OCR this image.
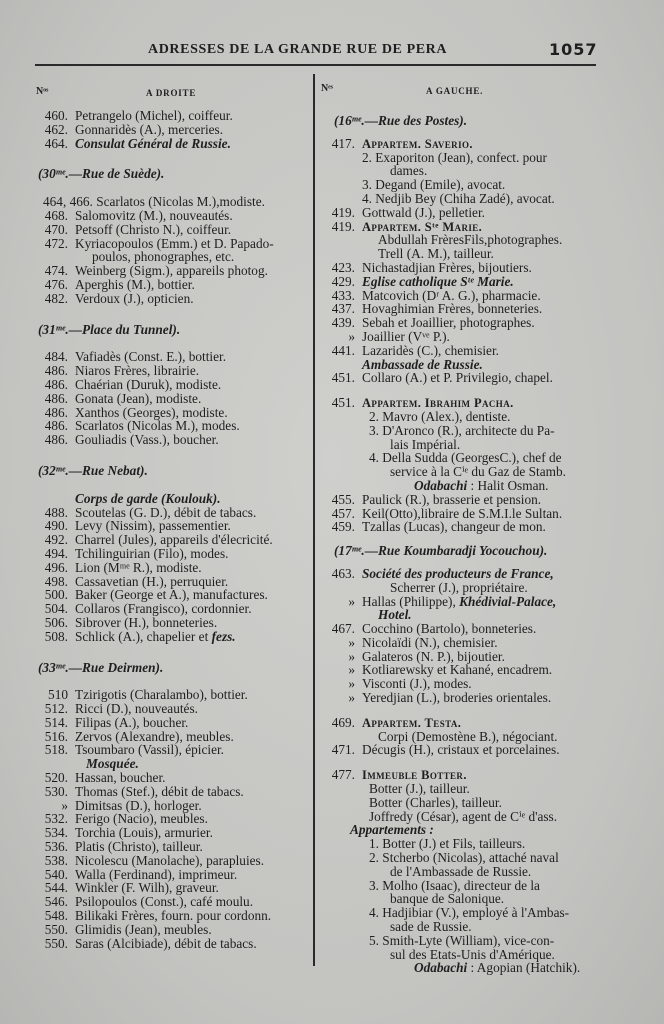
ADRESSES DE LA GRANDE RUE DE PERA	1057
Nᵒˢ	A DROITE	Nᵉˢ	A GAUCHE.
460. Petrangelo (Michel), coiffeur.
462. Gonnaridès (A.), merceries.
464. Consulat Général de Russie.
(30ᵐᵉ.—Rue de Suède).
464, 466. Scarlatos (Nicolas M.),modiste.
468. Salomovitz (M.), nouveautés.
470. Petsoff (Christo N.), coiffeur.
472. Kyriacopoulos (Emm.) et D. Papado-
poulos, phonographes, etc.
474. Weinberg (Sigm.), appareils photog.
476. Aperghis (M.), bottier.
482. Verdoux (J.), opticien.
(31ᵐᵉ.—Place du Tunnel).
484. Vafiadès (Const. E.), bottier.
486. Niaros Frères, librairie.
486. Chaérian (Duruk), modiste.
486. Gonata (Jean), modiste.
486. Xanthos (Georges), modiste.
486. Scarlatos (Nicolas M.), modes.
486. Gouliadis (Vass.), boucher.
(32ᵐᵉ.—Rue Nebat).
Corps de garde (Koulouk).
488. Scoutelas (G. D.), débit de tabacs.
490. Levy (Nissim), passementier.
492. Charrel (Jules), appareils d'élecricité.
494. Tchilinguirian (Filo), modes.
496. Lion (Mᵐᵉ R.), modiste.
498. Cassavetian (H.), perruquier.
500. Baker (George et A.), manufactures.
504. Collaros (Frangisco), cordonnier.
506. Sibrover (H.), bonneteries.
508. Schlick (A.), chapelier et fezs.
(33ᵐᵉ.—Rue Deirmen).
510 Tzirigotis (Charalambo), bottier.
512. Ricci (D.), nouveautés.
514. Filipas (A.), boucher.
516. Zervos (Alexandre), meubles.
518. Tsoumbaro (Vassil), épicier.
Mosquée.
520. Hassan, boucher.
530. Thomas (Stef.), débit de tabacs.
» Dimitsas (D.), horloger.
532. Ferigo (Nacio), meubles.
534. Torchia (Louis), armurier.
536. Platis (Christo), tailleur.
538. Nicolescu (Manolache), parapluies.
540. Walla (Ferdinand), imprimeur.
544. Winkler (F. Wilh), graveur.
546. Psilopoulos (Const.), café moulu.
548. Bilikaki Frères, fourn. pour cordonn.
550. Glimidis (Jean), meubles.
550. Saras (Alcibiade), débit de tabacs.
(16ᵐᵉ.—Rue des Postes).
417. Appartem. Saverio.
2. Exaporiton (Jean), confect. pour
dames.
3. Degand (Emile), avocat.
4. Nedjib Bey (Chiha Zadé), avocat.
419. Gottwald (J.), pelletier.
419. Appartem. Sᵗᵉ Marie.
Abdullah FrèresFils,photographes.
Trell (A. M.), tailleur.
423. Nichastadjian Frères, bijoutiers.
429. Eglise catholique Sᵗᵉ Marie.
433. Matcovich (Dʳ A. G.), pharmacie.
437. Hovaghimian Frères, bonneteries.
439. Sebah et Joaillier, photographes.
» Joaillier (Vᵛᵉ P.).
441. Lazaridès (C.), chemisier.
Ambassade de Russie.
451. Collaro (A.) et P. Privilegio, chapel.
451. Appartem. Ibrahim Pacha.
2. Mavro (Alex.), dentiste.
3. D'Aronco (R.), architecte du Pa-
lais Impérial.
4. Della Sudda (GeorgesC.), chef de
service à la Cⁱᵉ du Gaz de Stamb.
Odabachi : Halit Osman.
455. Paulick (R.), brasserie et pension.
457. Keil(Otto),libraire de S.M.I.le Sultan.
459. Tzallas (Lucas), changeur de mon.
(17ᵐᵉ.—Rue Koumbaradji Yocouchou).
463. Société des producteurs de France,
Scherrer (J.), propriétaire.
» Hallas (Philippe), Khédivial-Palace,
Hotel.
467. Cocchino (Bartolo), bonneteries.
» Nicolaïdi (N.), chemisier.
» Galateros (N. P.), bijoutier.
» Kotliarewsky et Kahané, encadrem.
» Visconti (J.), modes.
» Yeredjian (L.), broderies orientales.
469. Appartem. Testa.
Corpi (Demostène B.), négociant.
471. Décugis (H.), cristaux et porcelaines.
477. Immeuble Botter.
Botter (J.), tailleur.
Botter (Charles), tailleur.
Joffredy (César), agent de Cⁱᵉ d'ass.
Appartements :
1. Botter (J.) et Fils, tailleurs.
2. Stcherbo (Nicolas), attaché naval
de l'Ambassade de Russie.
3. Molho (Isaac), directeur de la
banque de Salonique.
4. Hadjibiar (V.), employé à l'Ambas-
sade de Russie.
5. Smith-Lyte (William), vice-con-
sul des Etats-Unis d'Amérique.
Odabachi : Agopian (Hatchik).
